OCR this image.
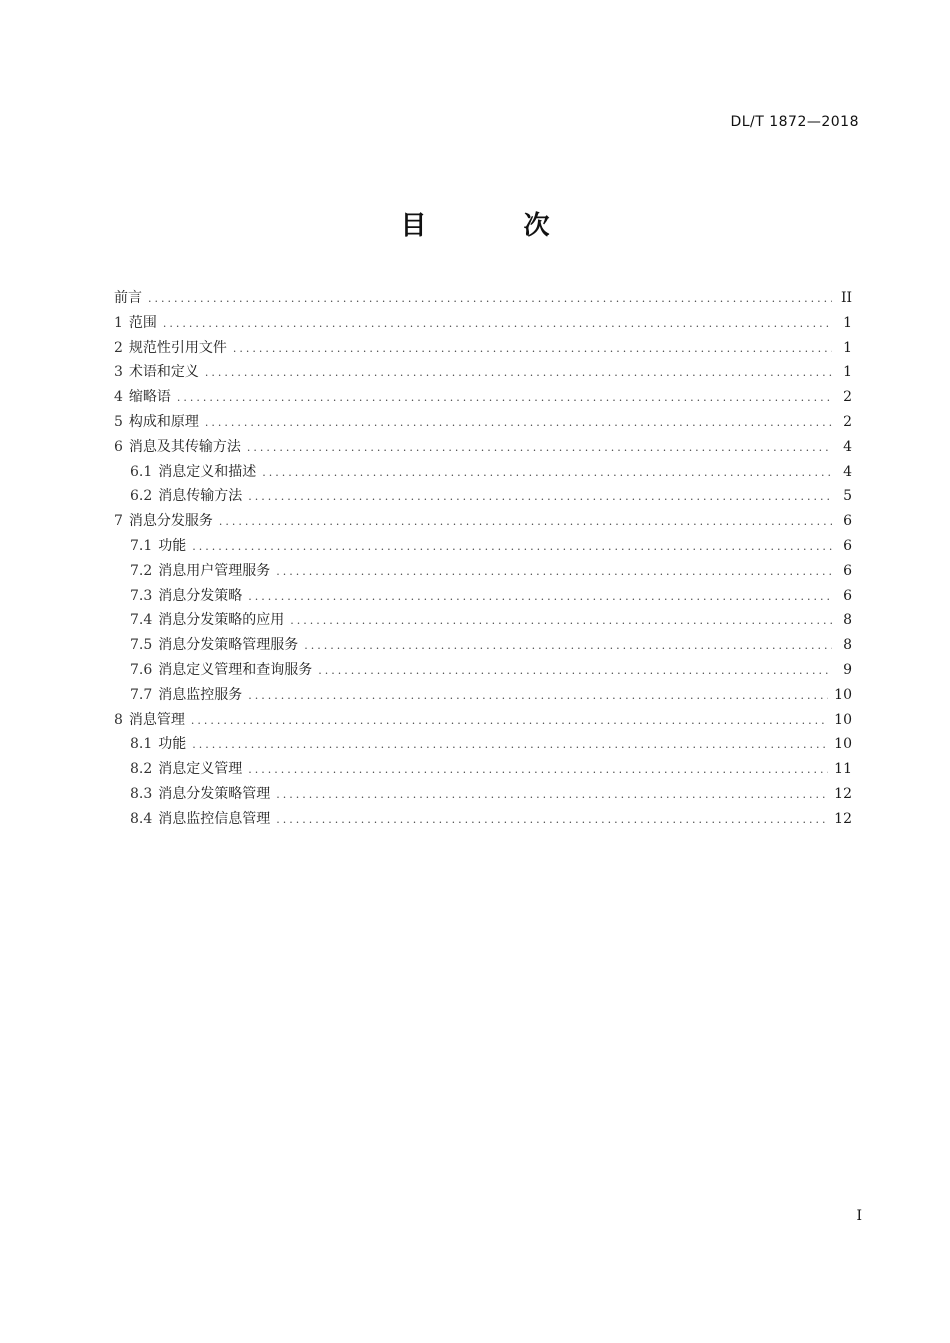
DL/T 1872—2018
目 次
前言 .....	II
1 范围 .....	1
2 规范性引用文件 .....	1
3 术语和定义 .....	1
4 缩略语 .....	2
5 构成和原理 .....	2
6 消息及其传输方法 .....	4
6.1 消息定义和描述 .....	4
6.2 消息传输方法 .....	5
7 消息分发服务 .....	6
7.1 功能 .....	6
7.2 消息用户管理服务 .....	6
7.3 消息分发策略 .....	6
7.4 消息分发策略的应用 .....	8
7.5 消息分发策略管理服务 .....	8
7.6 消息定义管理和查询服务 .....	9
7.7 消息监控服务 .....	10
8 消息管理 .....	10
8.1 功能 .....	10
8.2 消息定义管理 .....	11
8.3 消息分发策略管理 .....	12
8.4 消息监控信息管理 .....	12
I
